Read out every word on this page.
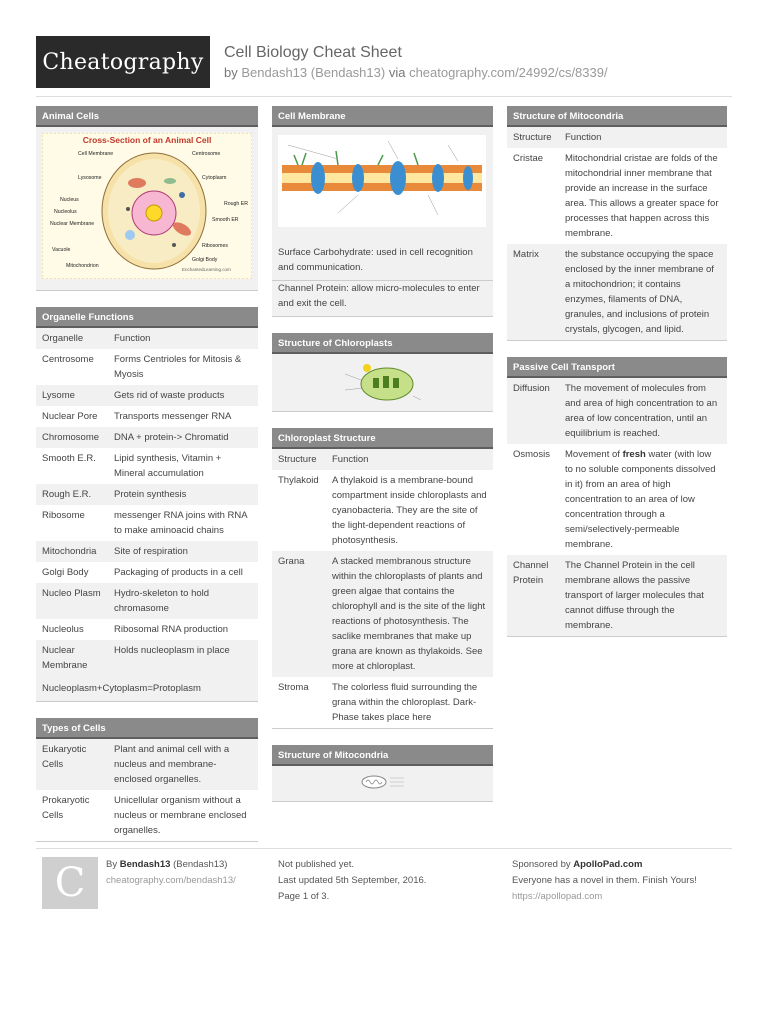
Cheatography	Cell Biology Cheat Sheet
by Bendash13 (Bendash13) via cheatography.com/24992/cs/8339/
Animal Cells
Cross-Section of an Animal Cell
Cell Membrane	Centrosome
Lysosome	Cytoplasm
Nucleus
Rough ER
Nucleolus
Smooth ER
Nuclear Membrane
Vacuole
Ribosomes
Golgi Body
Mitochondrion
EnchantedLearning.com
Organelle Functions
Organelle	Function
Centrosome	Forms Centrioles for Mitosis & Myosis
Lysome	Gets rid of waste products
Nuclear Pore	Transports messenger RNA
Chromosome	DNA + protein-> Chromatid
Smooth E.R.	Lipid synthesis, Vitamin + Mineral accumulation
Rough E.R.	Protein synthesis
Ribosome	messenger RNA joins with RNA to make aminoacid chains
Mitochondria	Site of respiration
Golgi Body	Packaging of products in a cell
Nucleo Plasm	Hydro-skeleton to hold chromasome
Nucleolus	Ribosomal RNA production
Nuclear Membrane	Holds nucleoplasm in place
Nucleoplasm+Cytoplasm=Protoplasm
Types of Cells
Eukaryotic Cells	Plant and animal cell with a nucleus and membrane-enclosed organelles.
Prokaryotic Cells	Unicellular organism without a nucleus or membrane enclosed organelles.
Cell Membrane
Surface Carbohydrate: used in cell recognition and communication.
Channel Protein: allow micro-molecules to enter and exit the cell.
Structure of Chloroplasts
Chloroplast Structure
Structure	Function
Thylakoid	A thylakoid is a membrane-bound compartment inside chloroplasts and cyanobacteria. They are the site of the light-dependent reactions of photosynthesis.
Grana	A stacked membranous structure within the chloroplasts of plants and green algae that contains the chlorophyll and is the site of the light reactions of photosynthesis. The saclike membranes that make up grana are known as thylakoids. See more at chloroplast.
Stroma	The colorless fluid surrounding the grana within the chloroplast. Dark-Phase takes place here
Structure of Mitocondria
Structure of Mitocondria
Structure	Function
Cristae	Mitochondrial cristae are folds of the mitochondrial inner membrane that provide an increase in the surface area. This allows a greater space for processes that happen across this membrane.
Matrix	the substance occupying the space enclosed by the inner membrane of a mitochondrion; it contains enzymes, filaments of DNA, granules, and inclusions of protein crystals, glycogen, and lipid.
Passive Cell Transport
Diffusion	The movement of molecules from and area of high concentration to an area of low concentration, until an equilibrium is reached.
Osmosis	Movement of fresh water (with low to no soluble components dissolved in it) from an area of high concentration to an area of low concentration through a semi/selectively-permeable membrane.
Channel Protein	The Channel Protein in the cell membrane allows the passive transport of larger molecules that cannot diffuse through the membrane.
C	By Bendash13 (Bendash13)
cheatography.com/bendash13/
Not published yet.
Last updated 5th September, 2016.
Page 1 of 3.
Sponsored by ApolloPad.com
Everyone has a novel in them. Finish Yours!
https://apollopad.com
